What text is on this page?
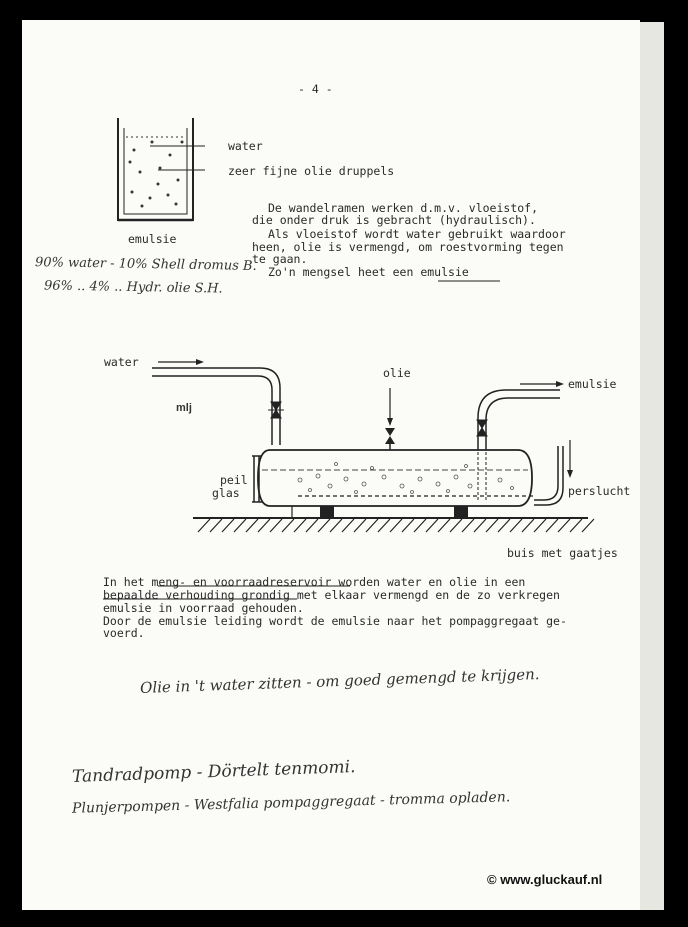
- 4 -
water
zeer fijne olie druppels
emulsie
De wandelramen werken d.m.v. vloeistof,
die onder druk is gebracht (hydraulisch).
Als vloeistof wordt water gebruikt waardoor
heen, olie is vermengd, om roestvorming tegen
te gaan.
Zo'n mengsel heet een emulsie
90% water - 10% Shell dromus B.
96% .. 4% .. Hydr. olie S.H.
water
olie
emulsie
peil
glas	perslucht
buis met gaatjes
mlj
In het meng- en voorraadreservoir worden water en olie in een
bepaalde verhouding grondig met elkaar vermengd en de zo verkregen
emulsie in voorraad gehouden.
Door de emulsie leiding wordt de emulsie naar het pompaggregaat ge-
voerd.
Olie in 't water zitten - om goed gemengd te krijgen.
Tandradpomp - Dörtelt tenmomi.
Plunjerpompen - Westfalia pompaggregaat - tromma opladen.
© www.gluckauf.nl
